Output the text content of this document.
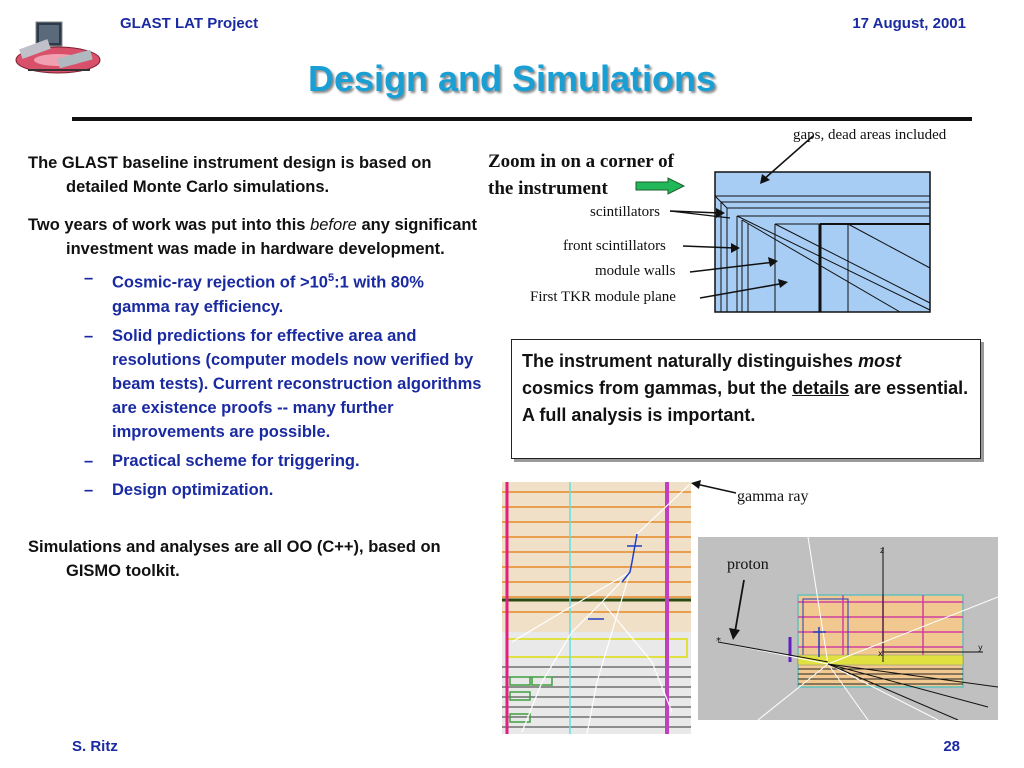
GLAST LAT Project	17 August, 2001
Design and Simulations

The GLAST baseline instrument design is based on detailed Monte Carlo simulations.

Two years of work was put into this before any significant investment was made in hardware development.

– Cosmic-ray rejection of $>10^5:1$ with 80% gamma ray efficiency.

– Solid predictions for effective area and resolutions (computer models now verified by beam tests). Current reconstruction algorithms are existence proofs -- many further improvements are possible.

– Practical scheme for triggering.

– Design optimization.

Simulations and analyses are all OO (C++), based on GISMO toolkit.

Zoom in on a corner of
the instrument
gaps, dead areas included
scintillators
front scintillators
module walls
First TKR module plane
The instrument naturally distinguishes most cosmics from gammas, but the details are essential. A full analysis is important.
gamma ray
*
z
x
y
proton
S. Ritz	28
